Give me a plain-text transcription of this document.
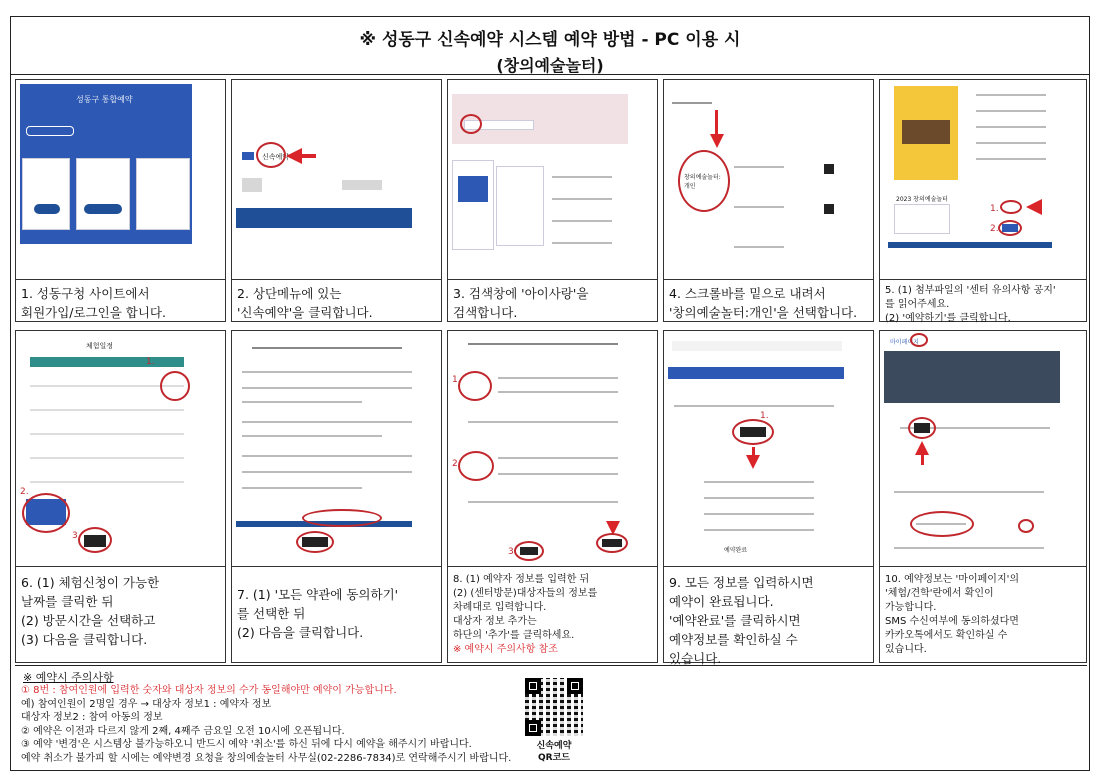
※ 성동구 신속예약 시스템 예약 방법 - PC 이용 시
(창의예술놀터)
성동구 통합예약
1. 성동구청 사이트에서
회원가입/로그인을 합니다.
신속예약
2. 상단메뉴에 있는
'신속예약'을 클릭합니다.
3. 검색창에 '아이사랑'을
검색합니다.
창의예술놀터:개인
4. 스크롤바를 밑으로 내려서
'창의예술놀터:개인'을 선택합니다.
2023 창의예술놀터
1.
2.
5. (1) 첨부파일의 '센터 유의사항 공지'
를 읽어주세요.
(2) '예약하기'를 클릭합니다.
체험일정
1.
2.
3.
6. (1) 체험신청이 가능한
날짜를 클릭한 뒤
(2) 방문시간을 선택하고
(3) 다음을 클릭합니다.
7. (1) '모든 약관에 동의하기'
를 선택한 뒤
(2) 다음을 클릭합니다.
1.
2.
3.
8. (1) 예약자 정보를 입력한 뒤
(2) (센터방문)대상자들의 정보를
차례대로 입력합니다.
대상자 정보 추가는
하단의 '추가'를 클릭하세요.
※ 예약시 주의사항 참조
1.
예약완료
9. 모든 정보를 입력하시면
예약이 완료됩니다.
'예약완료'를 클릭하시면
예약정보를 확인하실 수
있습니다.
마이페이지
10. 예약정보는 '마이페이지'의
'체험/견학'란에서 확인이
가능합니다.
SMS 수신여부에 동의하셨다면
카카오톡에서도 확인하실 수
있습니다.
※ 예약시 주의사항
① 8번 : 참여인원에 입력한 숫자와 대상자 정보의 수가 동일해야만 예약이 가능합니다.
예) 참여인원이 2명일 경우 → 대상자 정보1 : 예약자 정보
대상자 정보2 : 참여 아동의 정보
② 예약은 이전과 다르지 않게 2째, 4째주 금요일 오전 10시에 오픈됩니다.
③ 예약 '변경'은 시스템상 불가능하오니 반드시 예약 '취소'를 하신 뒤에 다시 예약을 해주시기 바랍니다.
예약 취소가 불가피 할 시에는 예약변경 요청을 창의예술놀터 사무실(02-2286-7834)로 연락해주시기 바랍니다.
신속예약
QR코드
